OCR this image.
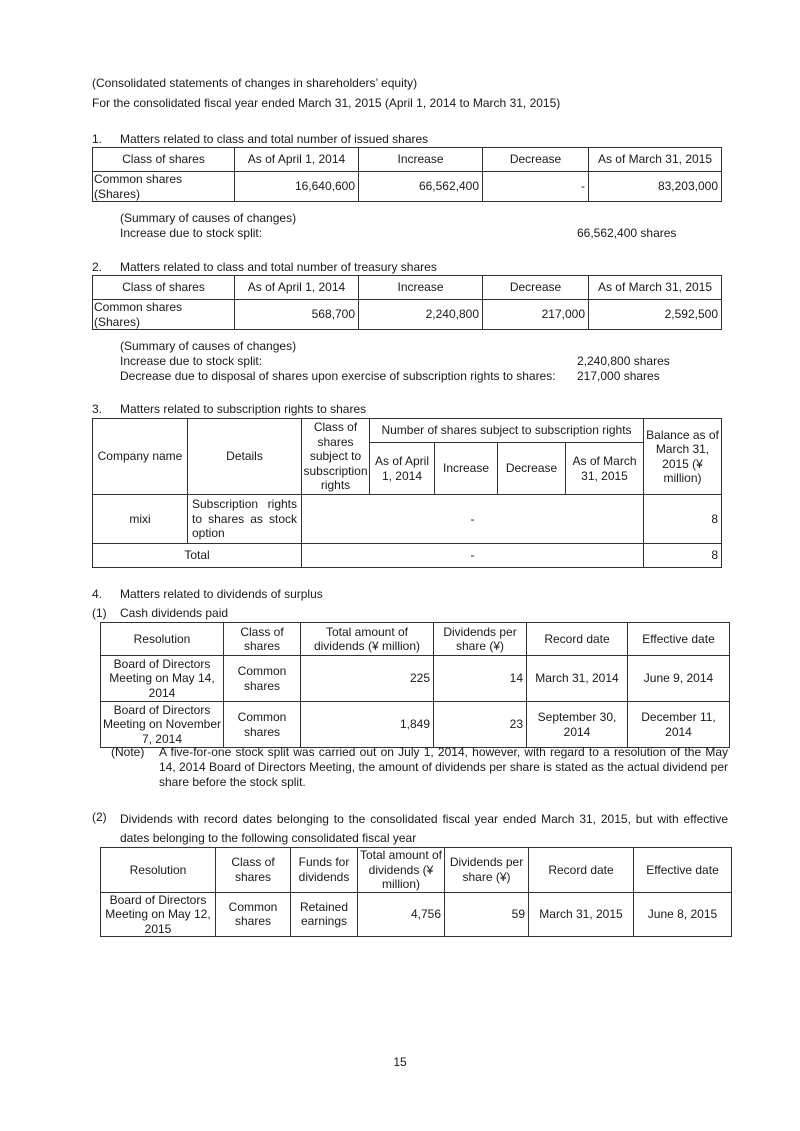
(Consolidated statements of changes in shareholders’ equity)
For the consolidated fiscal year ended March 31, 2015 (April 1, 2014 to March 31, 2015)
1. Matters related to class and total number of issued shares
Class of shares	As of April 1, 2014	Increase	Decrease	As of March 31, 2015
Common shares (Shares)	16,640,600	66,562,400	-	83,203,000
(Summary of causes of changes)
Increase due to stock split:	66,562,400 shares
2. Matters related to class and total number of treasury shares
Class of shares	As of April 1, 2014	Increase	Decrease	As of March 31, 2015
Common shares (Shares)	568,700	2,240,800	217,000	2,592,500
(Summary of causes of changes)
Increase due to stock split:	2,240,800 shares
Decrease due to disposal of shares upon exercise of subscription rights to shares: 217,000 shares
3. Matters related to subscription rights to shares
Company name	Details	Class of shares subject to subscription rights	Number of shares subject to subscription rights				Balance as of March 31, 2015 (¥ million)
			As of April 1, 2014	Increase	Decrease	As of March 31, 2015	
mixi	Subscription rights to shares as stock option	-					8
Total		-					8
4. Matters related to dividends of surplus
(1) Cash dividends paid
Resolution	Class of shares	Total amount of dividends (¥ million)	Dividends per share (¥)	Record date	Effective date
Board of Directors Meeting on May 14, 2014	Common shares	225	14	March 31, 2014	June 9, 2014
Board of Directors Meeting on November 7, 2014	Common shares	1,849	23	September 30, 2014	December 11, 2014
(Note) A five-for-one stock split was carried out on July 1, 2014, however, with regard to a resolution of the May 14, 2014 Board of Directors Meeting, the amount of dividends per share is stated as the actual dividend per share before the stock split.
(2) Dividends with record dates belonging to the consolidated fiscal year ended March 31, 2015, but with effective dates belonging to the following consolidated fiscal year
Resolution	Class of shares	Funds for dividends	Total amount of dividends (¥ million)	Dividends per share (¥)	Record date	Effective date
Board of Directors Meeting on May 12, 2015	Common shares	Retained earnings	4,756	59	March 31, 2015	June 8, 2015
15
